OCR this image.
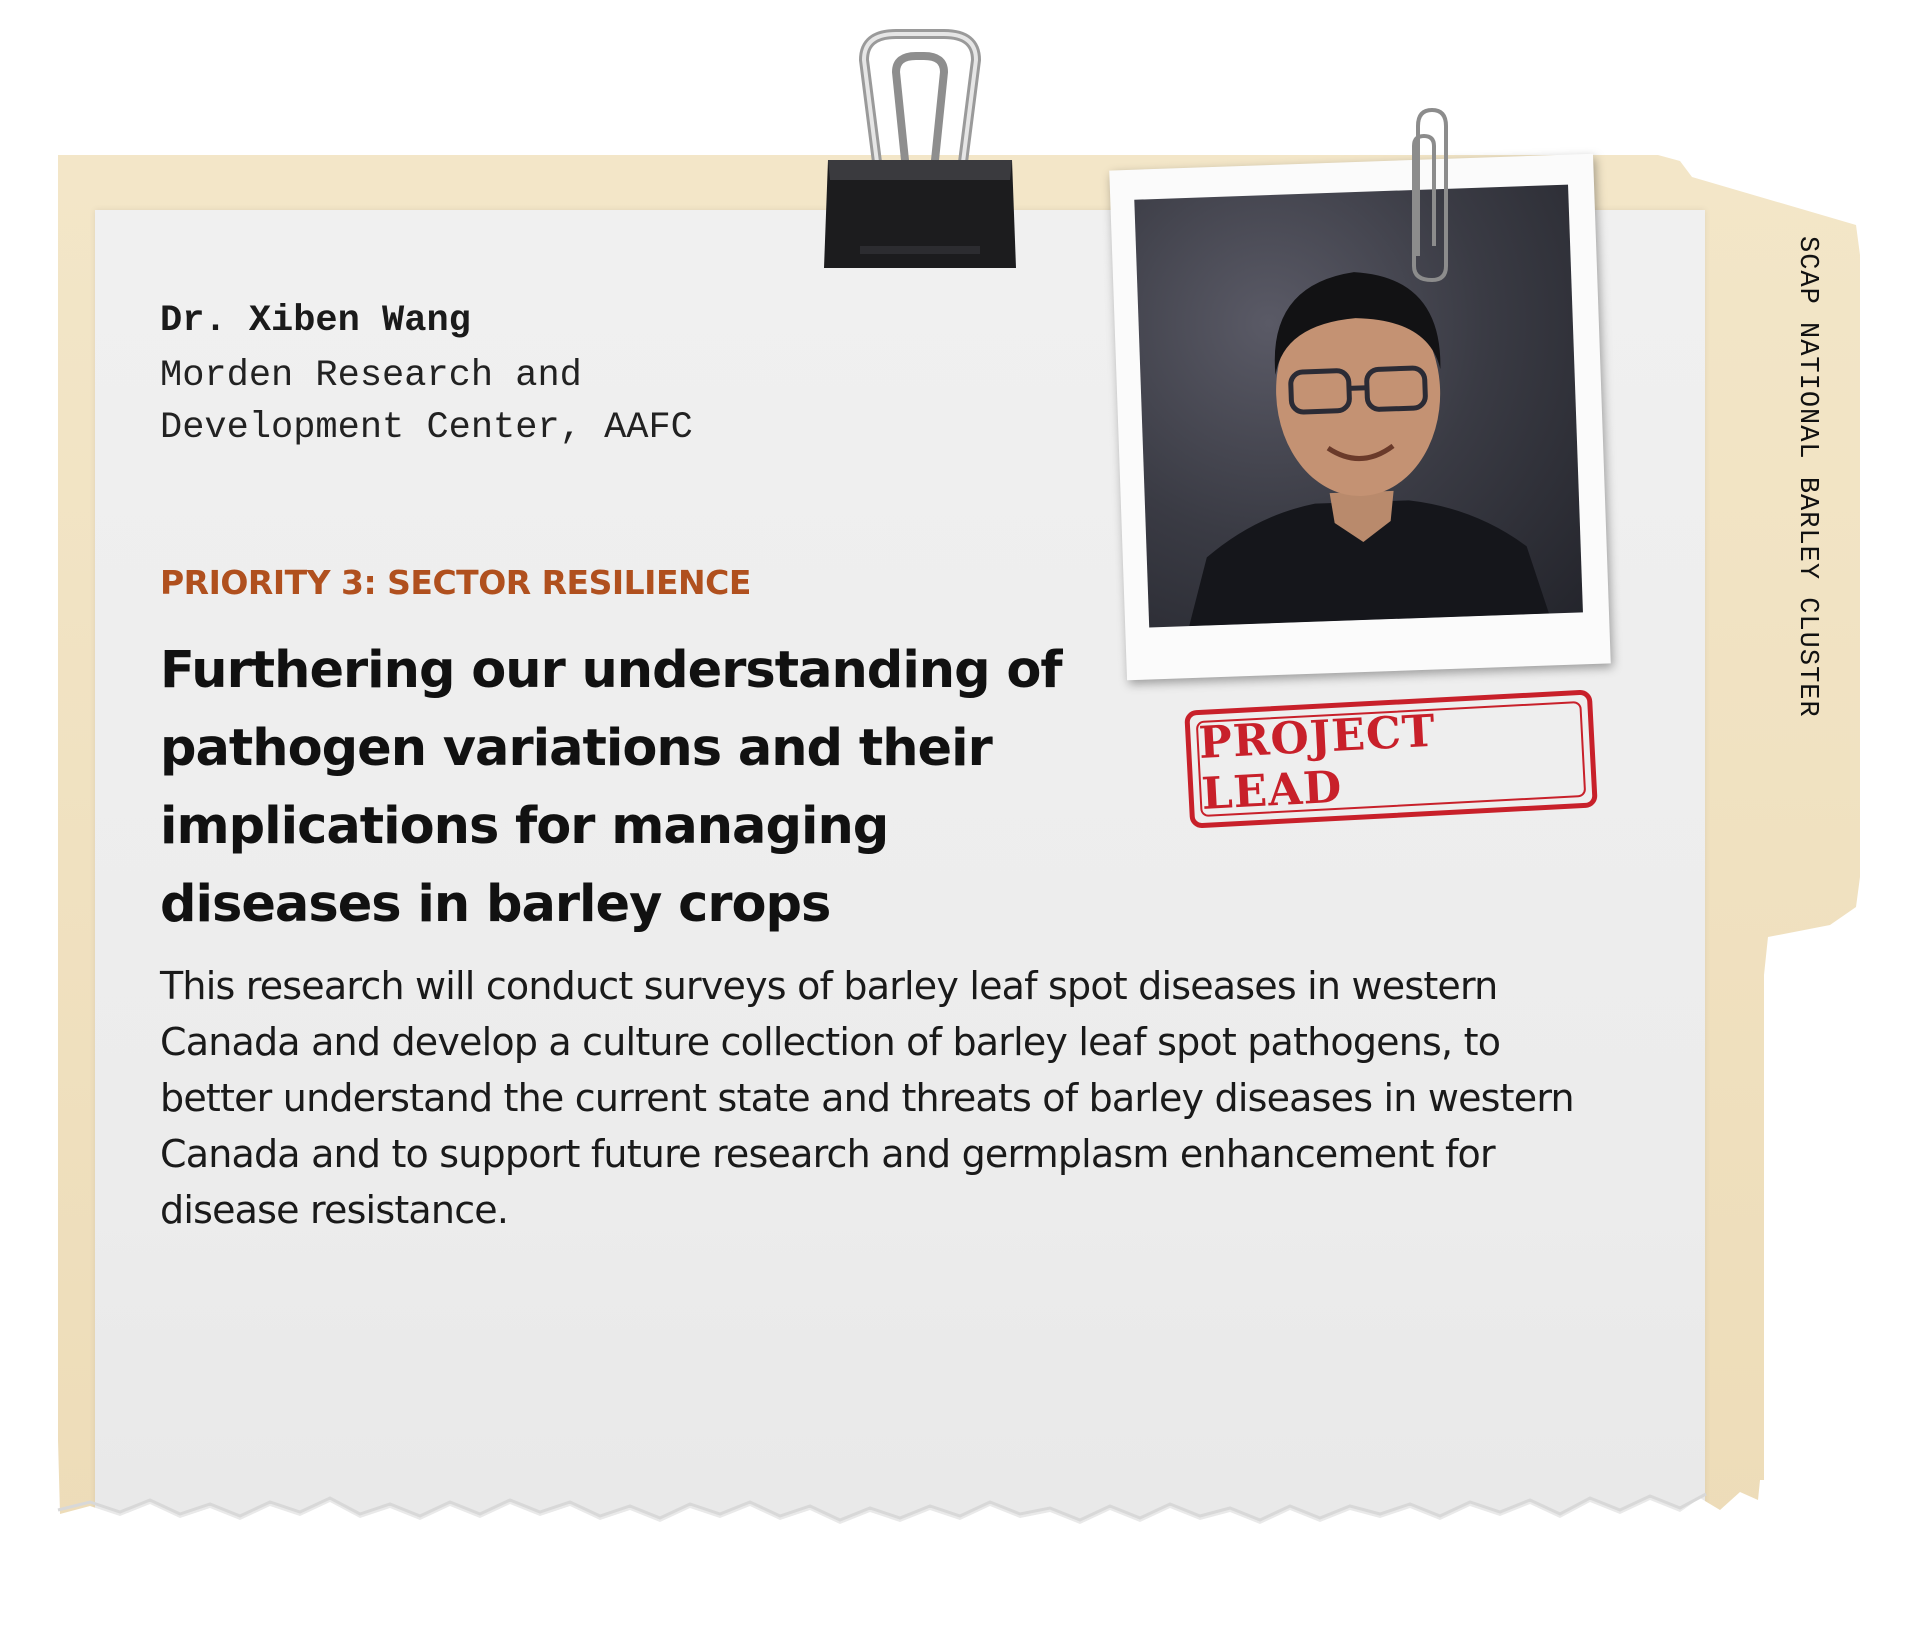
SCAP NATIONAL BARLEY CLUSTER
Dr. Xiben Wang
Morden Research and
Development Center, AAFC
PRIORITY 3: SECTOR RESILIENCE
Furthering our understanding of
pathogen variations and their
implications for managing
diseases in barley crops
This research will conduct surveys of barley leaf spot diseases in western
Canada and develop a culture collection of barley leaf spot pathogens, to
better understand the current state and threats of barley diseases in western
Canada and to support future research and germplasm enhancement for
disease resistance.
PROJECT LEAD
